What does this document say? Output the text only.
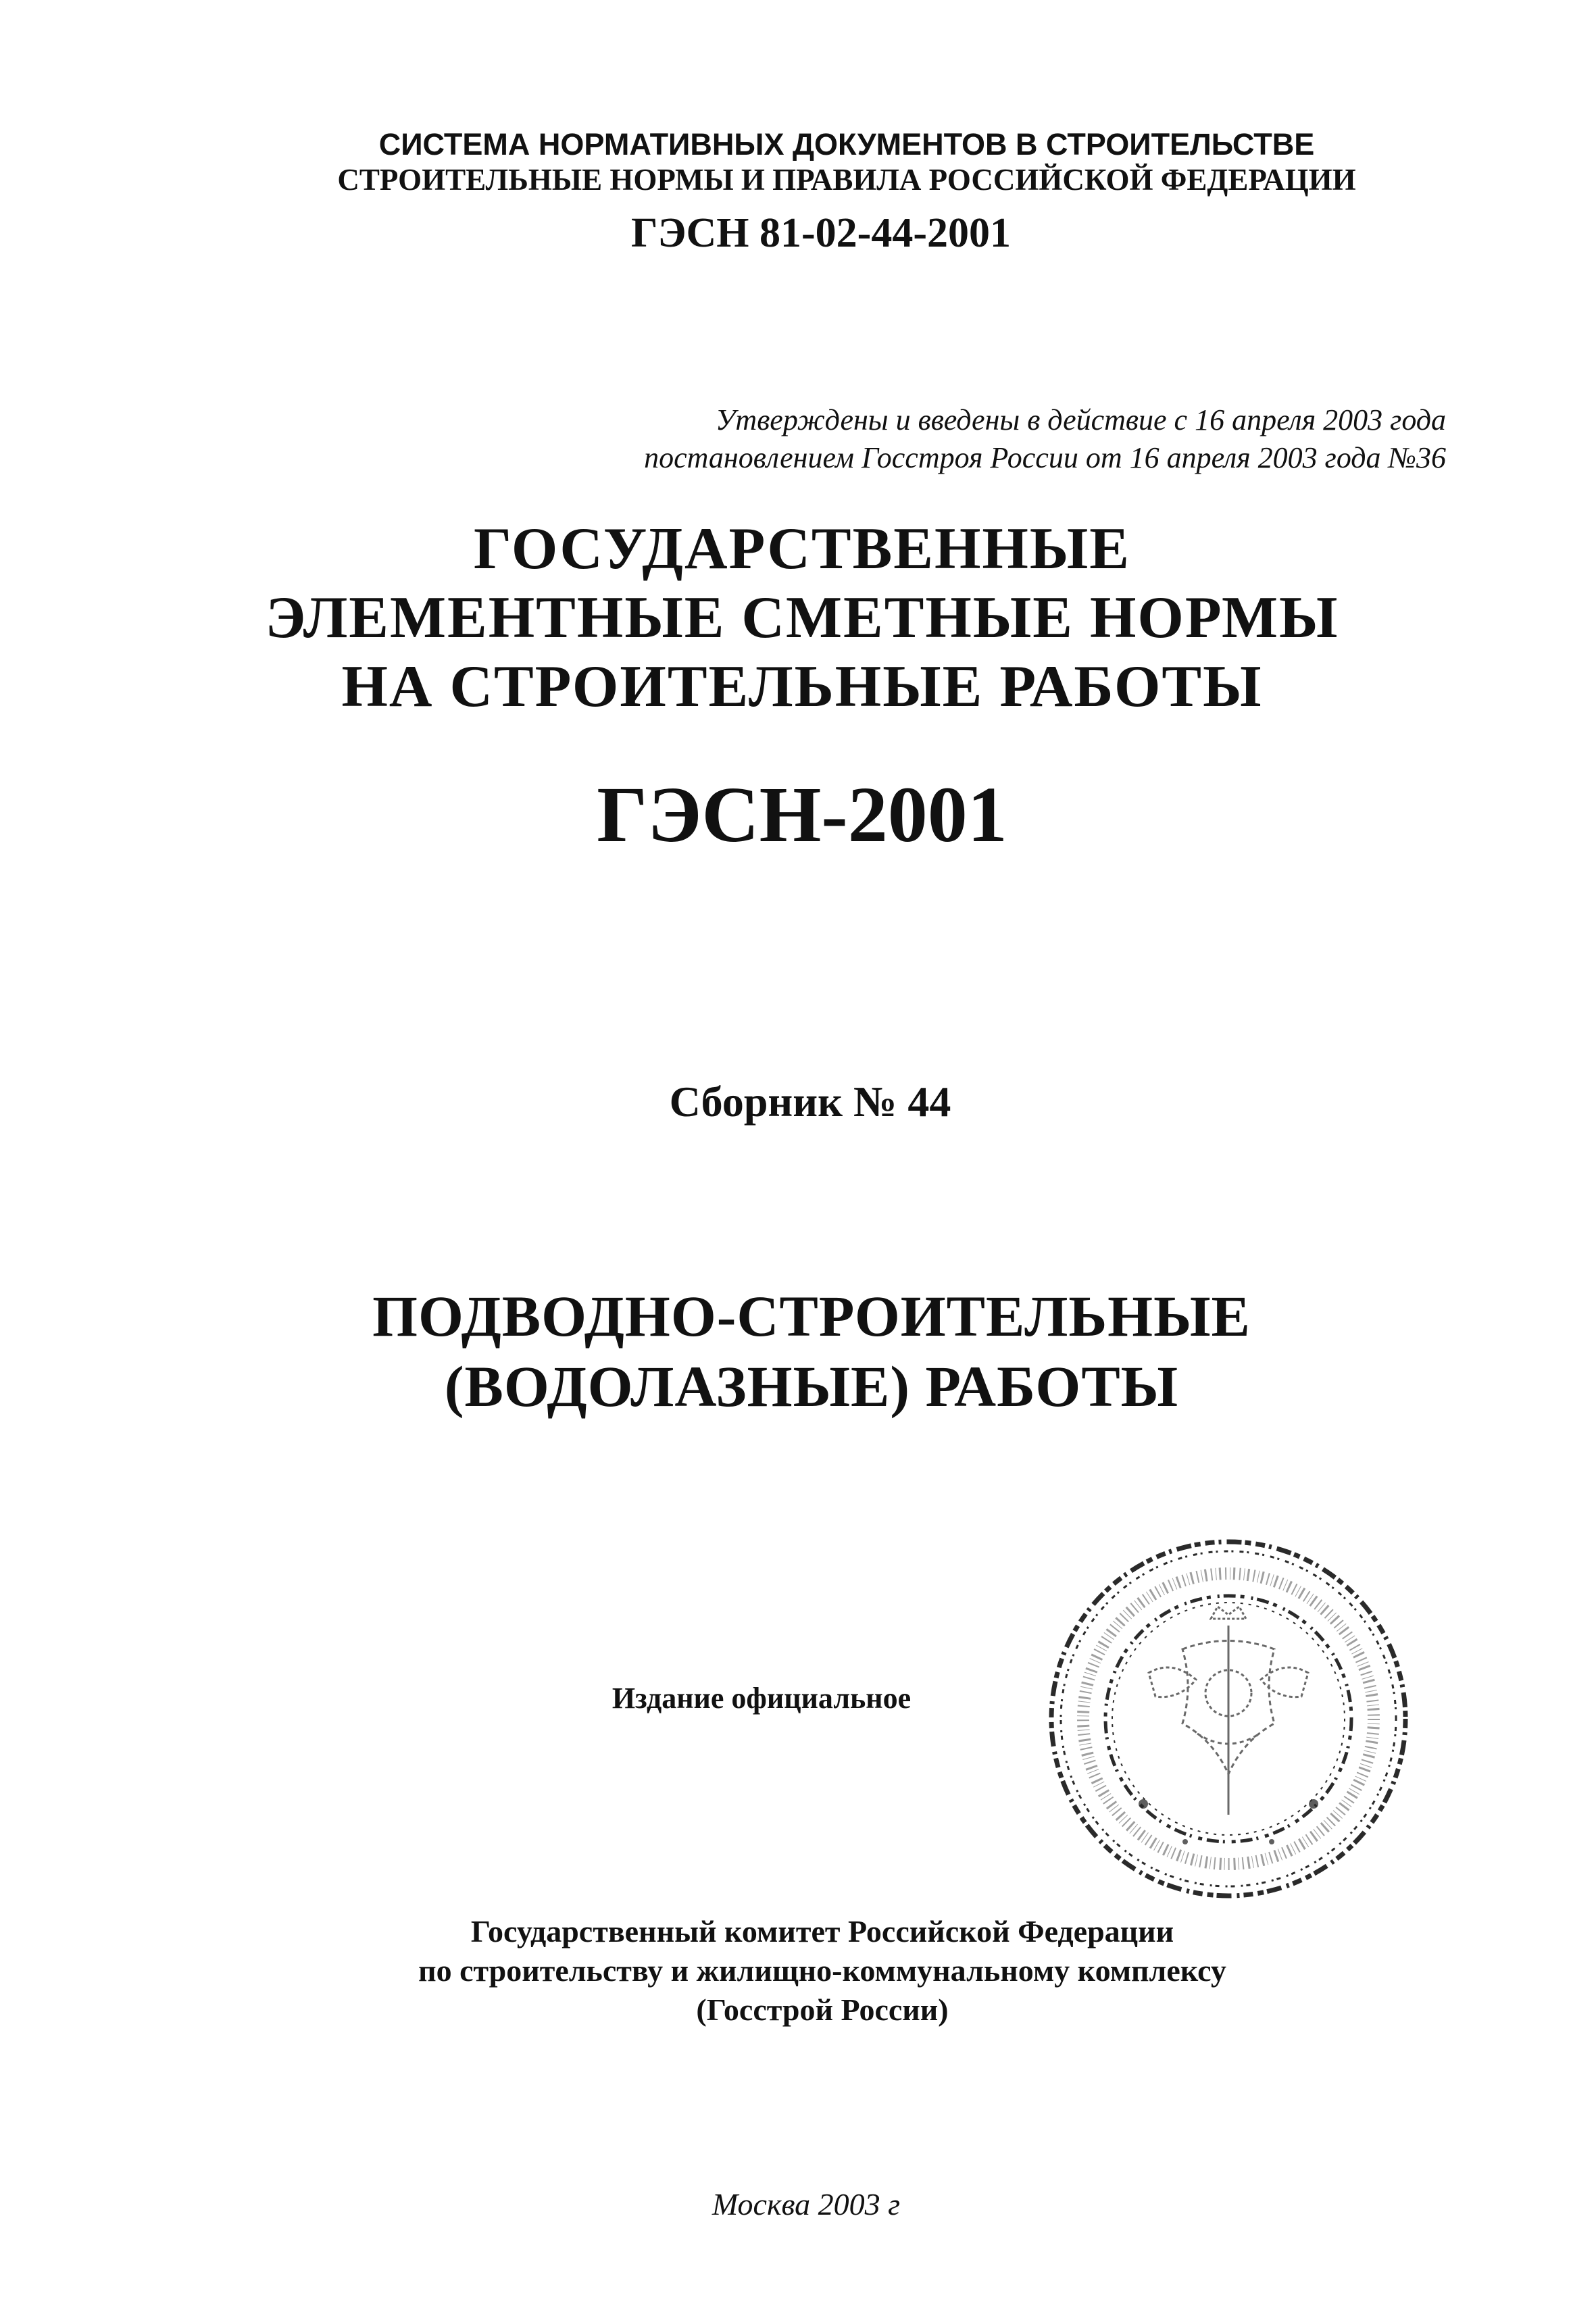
СИСТЕМА НОРМАТИВНЫХ ДОКУМЕНТОВ В СТРОИТЕЛЬСТВЕ
СТРОИТЕЛЬНЫЕ НОРМЫ И ПРАВИЛА РОССИЙСКОЙ ФЕДЕРАЦИИ
ГЭСН 81-02-44-2001
Утверждены и введены в действие с 16 апреля 2003 года
постановлением Госстроя России от 16 апреля 2003 года №36
ГОСУДАРСТВЕННЫЕ
ЭЛЕМЕНТНЫЕ СМЕТНЫЕ НОРМЫ
НА СТРОИТЕЛЬНЫЕ РАБОТЫ
ГЭСН-2001
Сборник № 44
ПОДВОДНО-СТРОИТЕЛЬНЫЕ
(ВОДОЛАЗНЫЕ) РАБОТЫ
Издание официальное
Государственный комитет Российской Федерации
по строительству и жилищно-коммунальному комплексу
(Госстрой России)
Москва 2003 г
